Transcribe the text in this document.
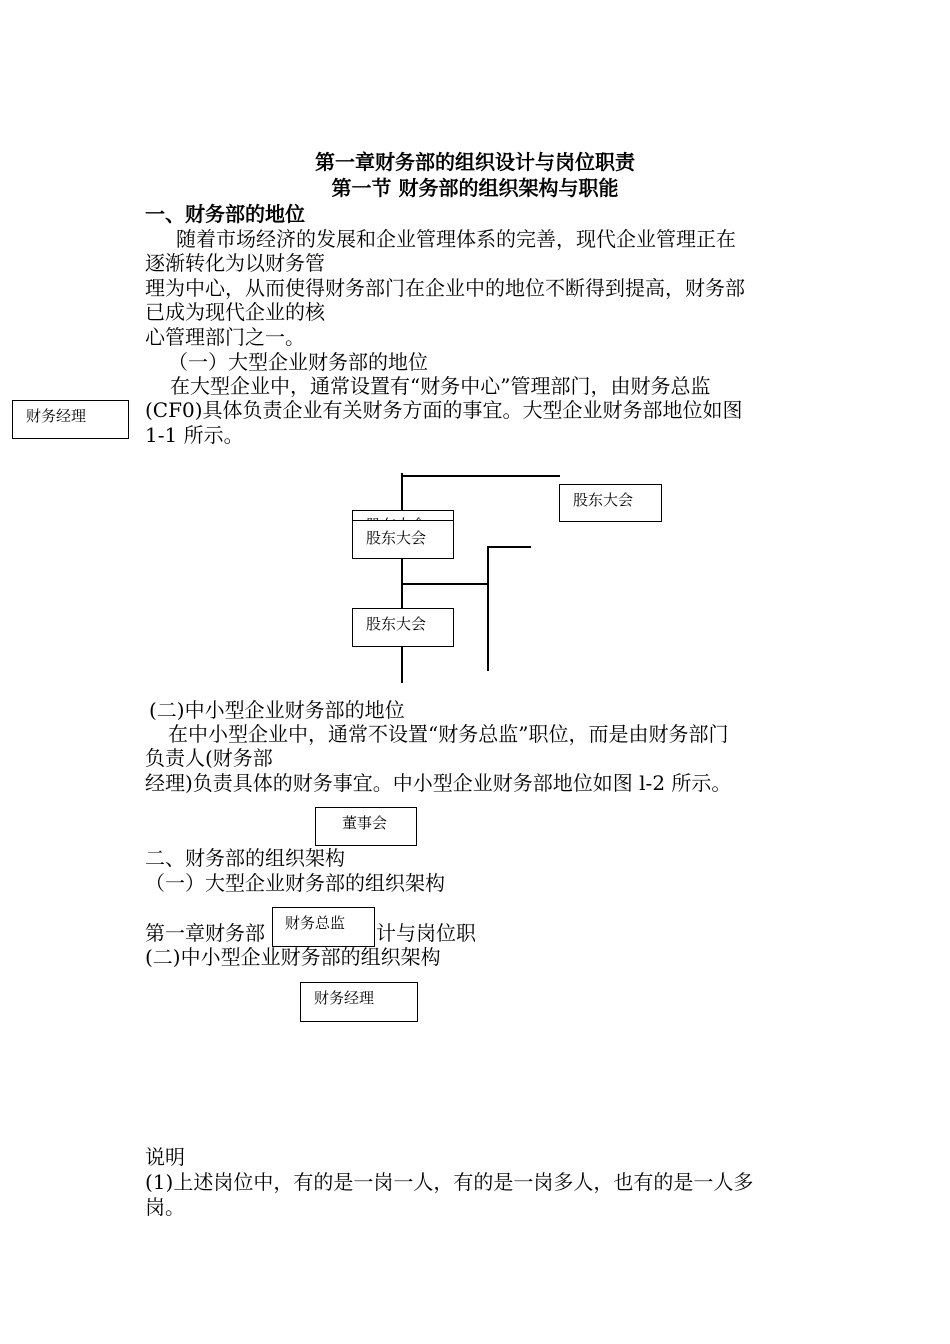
第一章财务部的组织设计与岗位职责

第一节 财务部的组织架构与职能

一、财务部的地位

随着市场经济的发展和企业管理体系的完善，现代企业管理正在

逐渐转化为以财务管

理为中心，从而使得财务部门在企业中的地位不断得到提高，财务部

已成为现代企业的核

心管理部门之一。

（一）大型企业财务部的地位

在大型企业中，通常设置有“财务中心”管理部门，由财务总监

(CF0)具体负责企业有关财务方面的事宜。大型企业财务部地位如图

1-1 所示。

财务经理
股东大会
股东大会
股东大会

(二)中小型企业财务部的地位

在中小型企业中，通常不设置“财务总监”职位，而是由财务部门

负责人(财务部

经理)负责具体的财务事宜。中小型企业财务部地位如图 l-2 所示。

董事会

二、财务部的组织架构

（一）大型企业财务部的组织架构

第一章财务部	计与岗位职

财务总监

(二)中小型企业财务部的组织架构

财务经理

说明

(1)上述岗位中，有的是一岗一人，有的是一岗多人，也有的是一人多

岗。
